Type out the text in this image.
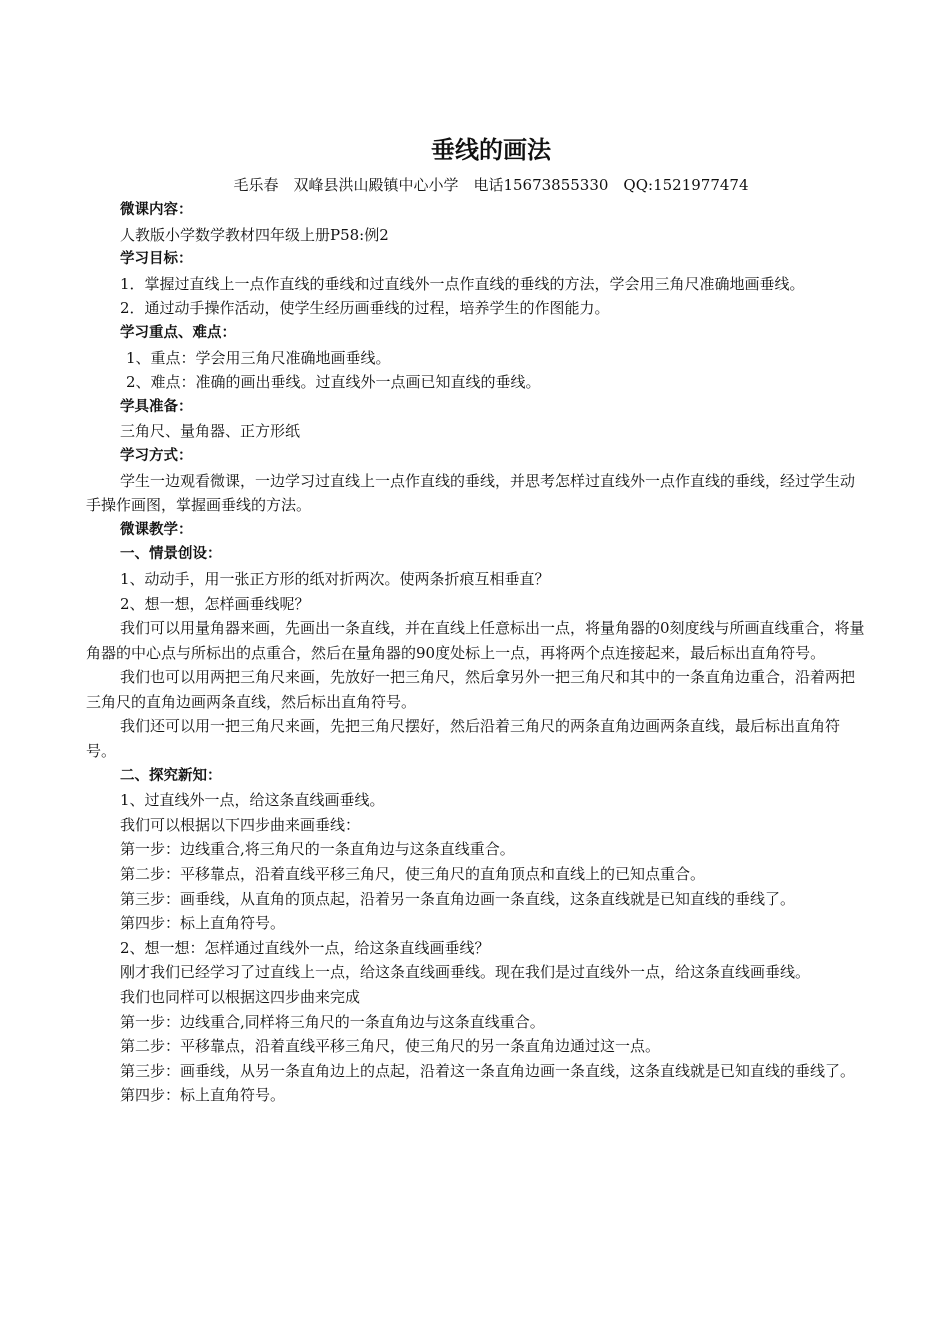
垂线的画法
毛乐春　双峰县洪山殿镇中心小学　电话15673855330　QQ:1521977474

微课内容：

人教版小学数学教材四年级上册P58:例2

学习目标：

1．掌握过直线上一点作直线的垂线和过直线外一点作直线的垂线的方法，学会用三角尺准确地画垂线。

2．通过动手操作活动，使学生经历画垂线的过程，培养学生的作图能力。

学习重点、难点：

1、重点：学会用三角尺准确地画垂线。

2、难点：准确的画出垂线。过直线外一点画已知直线的垂线。

学具准备：

三角尺、量角器、正方形纸

学习方式：

学生一边观看微课，一边学习过直线上一点作直线的垂线，并思考怎样过直线外一点作直线的垂线，经过学生动手操作画图，掌握画垂线的方法。

微课教学：

一、情景创设：

1、动动手，用一张正方形的纸对折两次。使两条折痕互相垂直？

2、想一想，怎样画垂线呢？

我们可以用量角器来画，先画出一条直线，并在直线上任意标出一点，将量角器的0刻度线与所画直线重合，将量角器的中心点与所标出的点重合，然后在量角器的90度处标上一点，再将两个点连接起来，最后标出直角符号。

我们也可以用两把三角尺来画，先放好一把三角尺，然后拿另外一把三角尺和其中的一条直角边重合，沿着两把三角尺的直角边画两条直线，然后标出直角符号。

我们还可以用一把三角尺来画，先把三角尺摆好，然后沿着三角尺的两条直角边画两条直线，最后标出直角符号。

二、探究新知：

1、过直线外一点，给这条直线画垂线。

我们可以根据以下四步曲来画垂线：

第一步：边线重合,将三角尺的一条直角边与这条直线重合。

第二步：平移靠点，沿着直线平移三角尺，使三角尺的直角顶点和直线上的已知点重合。

第三步：画垂线，从直角的顶点起，沿着另一条直角边画一条直线，这条直线就是已知直线的垂线了。

第四步：标上直角符号。

2、想一想：怎样通过直线外一点，给这条直线画垂线？

刚才我们已经学习了过直线上一点，给这条直线画垂线。现在我们是过直线外一点，给这条直线画垂线。

我们也同样可以根据这四步曲来完成

第一步：边线重合,同样将三角尺的一条直角边与这条直线重合。

第二步：平移靠点，沿着直线平移三角尺，使三角尺的另一条直角边通过这一点。

第三步：画垂线，从另一条直角边上的点起，沿着这一条直角边画一条直线，这条直线就是已知直线的垂线了。

第四步：标上直角符号。
